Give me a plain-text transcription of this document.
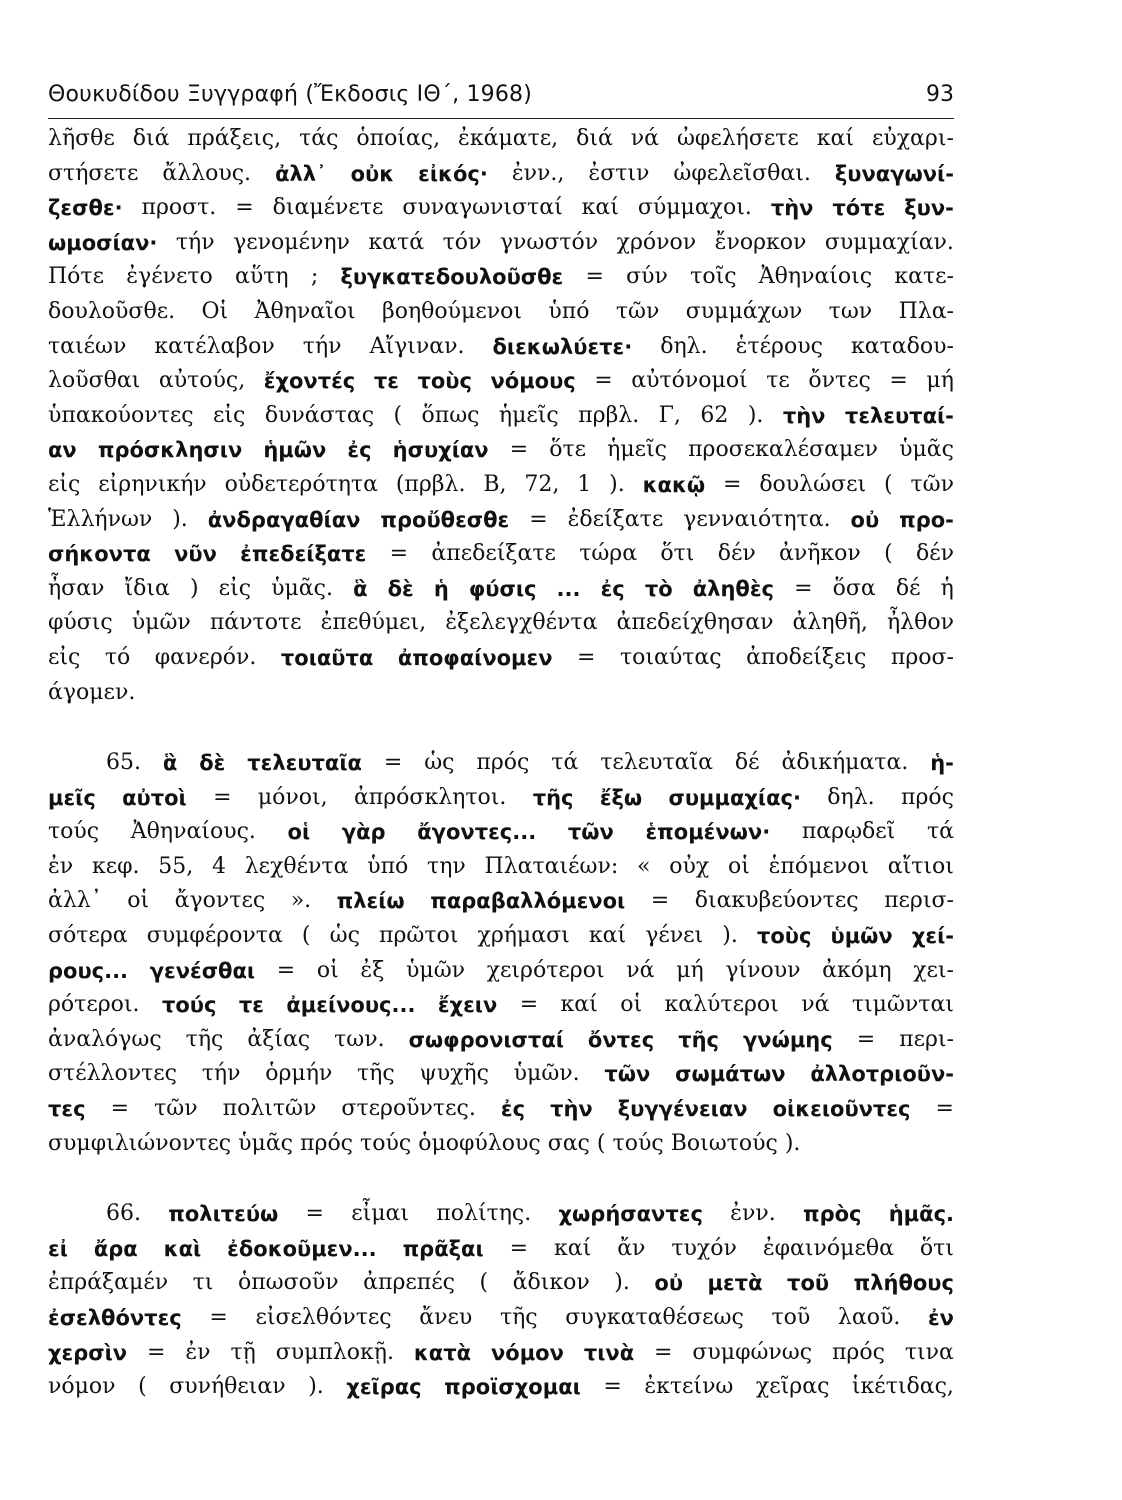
Θουκυδίδου Ξυγγραφή (Ἔκδοσις ΙΘ΄, 1968)	93
λῆσθε διά πράξεις, τάς ὁποίας, ἐκάματε, διά νά ὠφελήσετε καί εὐχαρι-
στήσετε ἄλλους. ἀλλ᾿ οὐκ εἰκός· ἐνν., ἐστιν ὠφελεῖσθαι. ξυναγωνί-
ζεσθε· προστ. = διαμένετε συναγωνισταί καί σύμμαχοι. τὴν τότε ξυν-
ωμοσίαν· τήν γενομένην κατά τόν γνωστόν χρόνον ἔνορκον συμμαχίαν.
Πότε ἐγένετο αὕτη ; ξυγκατεδουλοῦσθε = σύν τοῖς Ἀθηναίοις κατε-
δουλοῦσθε. Οἱ Ἀθηναῖοι βοηθούμενοι ὑπό τῶν συμμάχων των Πλα-
ταιέων κατέλαβον τήν Αἴγιναν. διεκωλύετε· δηλ. ἑτέρους καταδου-
λοῦσθαι αὐτούς, ἔχοντές τε τοὺς νόμους = αὐτόνομοί τε ὄντες = μή
ὑπακούοντες εἰς δυνάστας ( ὅπως ἡμεῖς πρβλ. Γ, 62 ). τὴν τελευταί-
αν πρόσκλησιν ἡμῶν ἐς ἡσυχίαν = ὅτε ἡμεῖς προσεκαλέσαμεν ὑμᾶς
εἰς εἰρηνικήν οὐδετερότητα (πρβλ. Β, 72, 1 ). κακῷ = δουλώσει ( τῶν
Ἑλλήνων ). ἀνδραγαθίαν προὔθεσθε = ἐδείξατε γενναιότητα. οὐ προ-
σήκοντα νῦν ἐπεδείξατε = ἀπεδείξατε τώρα ὅτι δέν ἀνῆκον ( δέν
ἦσαν ἴδια ) εἰς ὑμᾶς. ἃ δὲ ἡ φύσις ... ἐς τὸ ἀληθὲς = ὅσα δέ ἡ
φύσις ὑμῶν πάντοτε ἐπεθύμει, ἐξελεγχθέντα ἀπεδείχθησαν ἀληθῆ, ἦλθον
εἰς τό φανερόν. τοιαῦτα ἀποφαίνομεν = τοιαύτας ἀποδείξεις προσ-
άγομεν.
65. ἃ δὲ τελευταῖα = ὡς πρός τά τελευταῖα δέ ἀδικήματα. ἡ-
μεῖς αὐτοὶ = μόνοι, ἀπρόσκλητοι. τῆς ἔξω συμμαχίας· δηλ. πρός
τούς Ἀθηναίους. οἱ γὰρ ἄγοντες... τῶν ἑπομένων· παρῳδεῖ τά
ἐν κεφ. 55, 4 λεχθέντα ὑπό την Πλαταιέων: « οὐχ οἱ ἑπόμενοι αἴτιοι
ἀλλ᾿ οἱ ἄγοντες ». πλείω παραβαλλόμενοι = διακυβεύοντες περισ-
σότερα συμφέροντα ( ὡς πρῶτοι χρήμασι καί γένει ). τοὺς ὑμῶν χεί-
ρους... γενέσθαι = οἱ ἐξ ὑμῶν χειρότεροι νά μή γίνουν ἀκόμη χει-
ρότεροι. τούς τε ἀμείνους... ἔχειν = καί οἱ καλύτεροι νά τιμῶνται
ἀναλόγως τῆς ἀξίας των. σωφρονισταί ὄντες τῆς γνώμης = περι-
στέλλοντες τήν ὁρμήν τῆς ψυχῆς ὑμῶν. τῶν σωμάτων ἀλλοτριοῦν-
τες = τῶν πολιτῶν στεροῦντες. ἐς τὴν ξυγγένειαν οἰκειοῦντες =
συμφιλιώνοντες ὑμᾶς πρός τούς ὁμοφύλους σας ( τούς Βοιωτούς ).
66. πολιτεύω = εἶμαι πολίτης. χωρήσαντες ἐνν. πρὸς ἡμᾶς.
εἰ ἄρα καὶ ἐδοκοῦμεν... πρᾶξαι = καί ἄν τυχόν ἐφαινόμεθα ὅτι
ἐπράξαμέν τι ὁπωσοῦν ἀπρεπές ( ἄδικον ). οὐ μετὰ τοῦ πλήθους
ἐσελθόντες = εἰσελθόντες ἄνευ τῆς συγκαταθέσεως τοῦ λαοῦ. ἐν
χερσὶν = ἐν τῇ συμπλοκῇ. κατὰ νόμον τινὰ = συμφώνως πρός τινα
νόμον ( συνήθειαν ). χεῖρας προϊσχομαι = ἐκτείνω χεῖρας ἱκέτιδας,
